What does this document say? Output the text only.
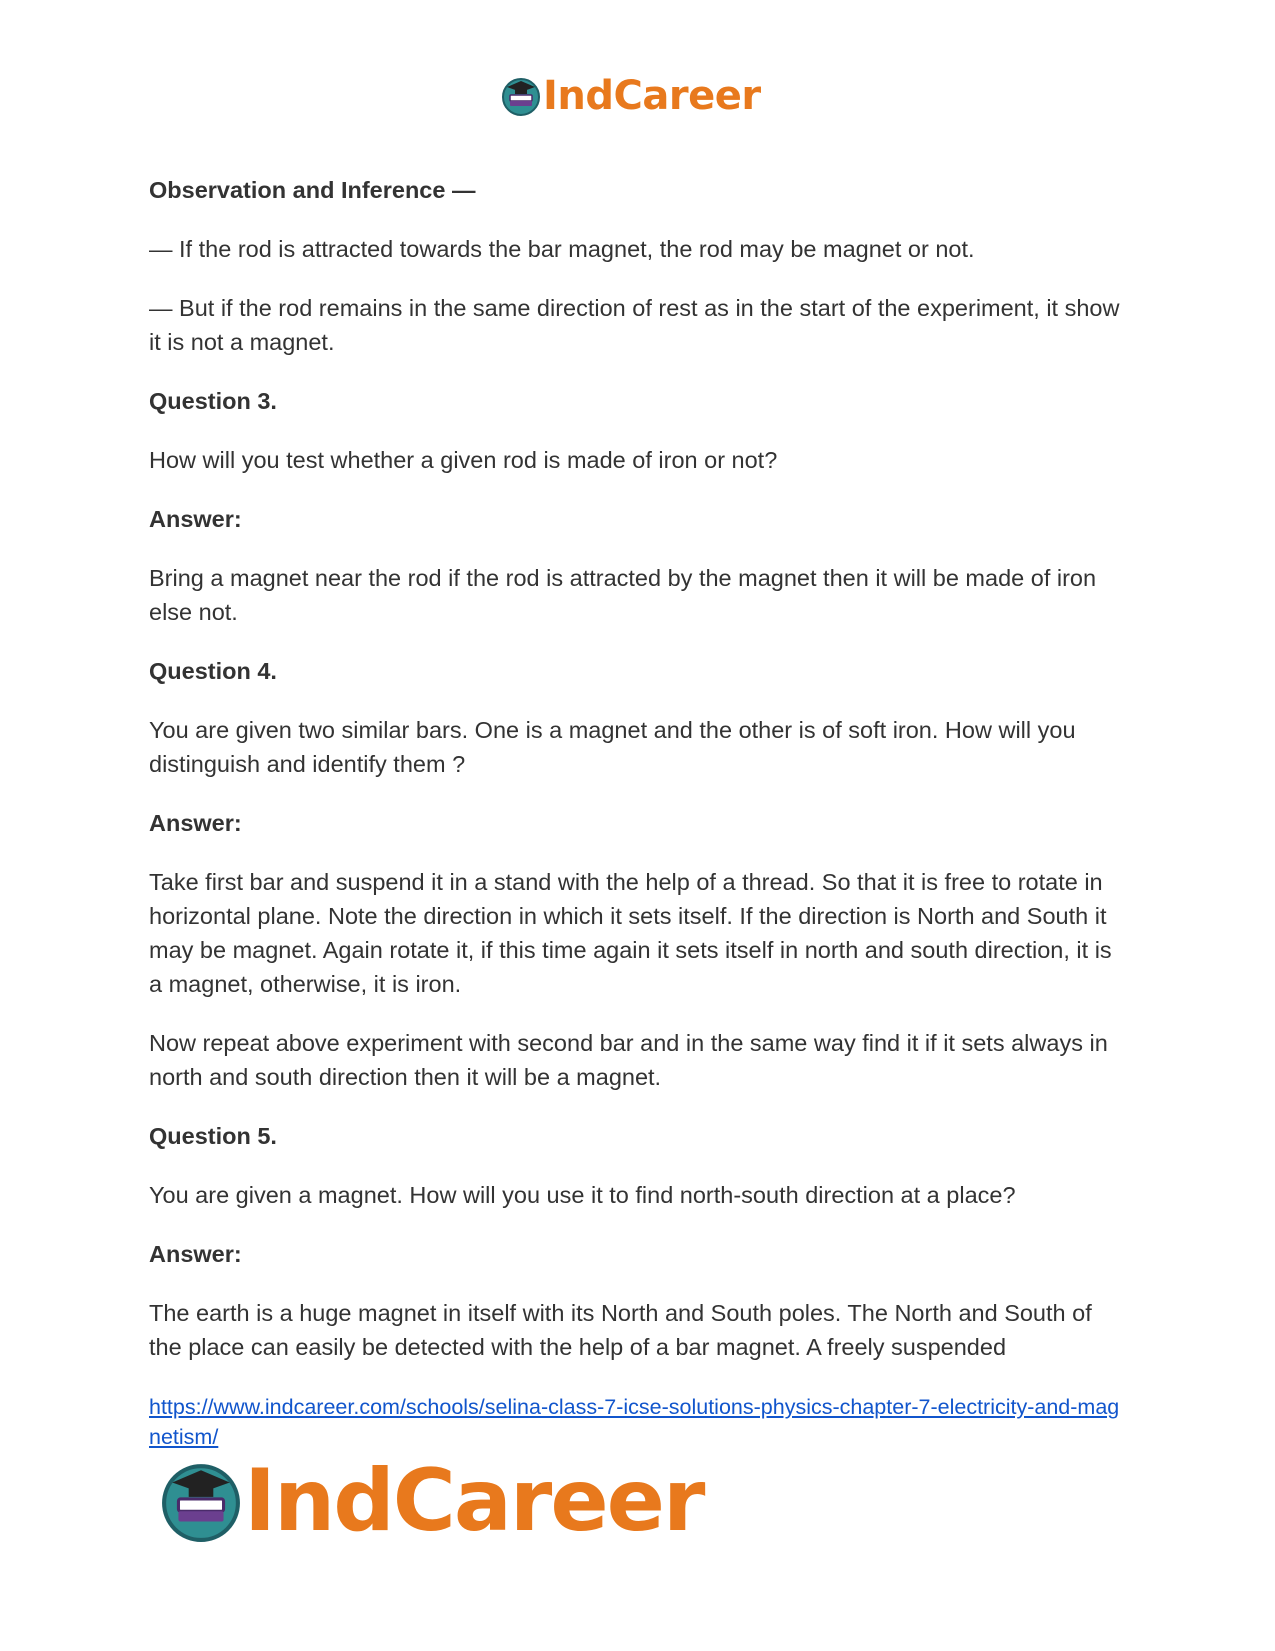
IndCareer

Observation and Inference —

— If the rod is attracted towards the bar magnet, the rod may be magnet or not.

— But if the rod remains in the same direction of rest as in the start of the experiment, it show it is not a magnet.

Question 3.

How will you test whether a given rod is made of iron or not?

Answer:

Bring a magnet near the rod if the rod is attracted by the magnet then it will be made of iron else not.

Question 4.

You are given two similar bars. One is a magnet and the other is of soft iron. How will you distinguish and identify them ?

Answer:

Take first bar and suspend it in a stand with the help of a thread. So that it is free to rotate in horizontal plane. Note the direction in which it sets itself. If the direction is North and South it may be magnet. Again rotate it, if this time again it sets itself in north and south direction, it is a magnet, otherwise, it is iron.

Now repeat above experiment with second bar and in the same way find it if it sets always in north and south direction then it will be a magnet.

Question 5.

You are given a magnet. How will you use it to find north-south direction at a place?

Answer:

The earth is a huge magnet in itself with its North and South poles. The North and South of the place can easily be detected with the help of a bar magnet. A freely suspended

https://www.indcareer.com/schools/selina-class-7-icse-solutions-physics-chapter-7-electricity-and-magnetism/
IndCareer
